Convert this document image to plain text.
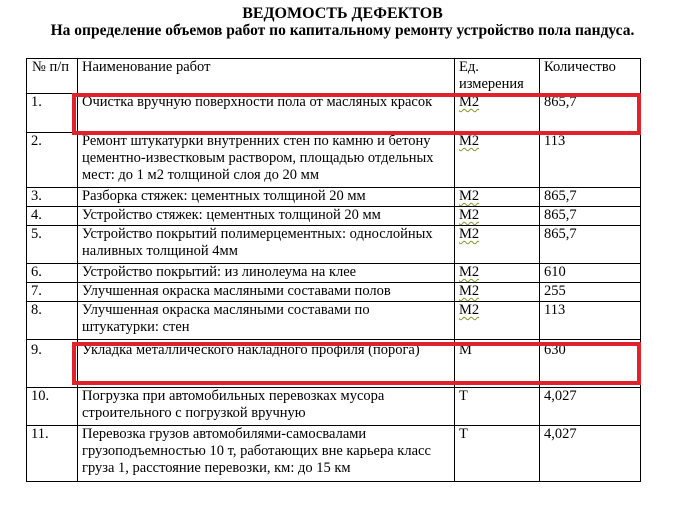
ВЕДОМОСТЬ ДЕФЕКТОВ
На определение объемов работ по капитальному ремонту устройство пола пандуса.
№ п/п	Наименование работ	Ед. измерения	Количество
1.	Очистка вручную поверхности пола от масляных красок	М2	865,7
2.	Ремонт штукатурки внутренних стен по камню и бетону цементно-известковым раствором, площадью отдельных мест: до 1 м2 толщиной слоя до 20 мм	М2	113
3.	Разборка стяжек: цементных толщиной 20 мм	М2	865,7
4.	Устройство стяжек: цементных толщиной 20 мм	М2	865,7
5.	Устройство покрытий полимерцементных: однослойных наливных толщиной 4мм	М2	865,7
6.	Устройство покрытий: из линолеума на клее	М2	610
7.	Улучшенная окраска масляными составами полов	М2	255
8.	Улучшенная окраска масляными составами по штукатурки: стен	М2	113
9.	Укладка металлического накладного профиля (порога)	М	630
10.	Погрузка при автомобильных перевозках мусора строительного с погрузкой вручную	Т	4,027
11.	Перевозка грузов автомобилями-самосвалами грузоподъемностью 10 т, работающих вне карьера класс груза 1, расстояние перевозки, км: до 15 км	Т	4,027
